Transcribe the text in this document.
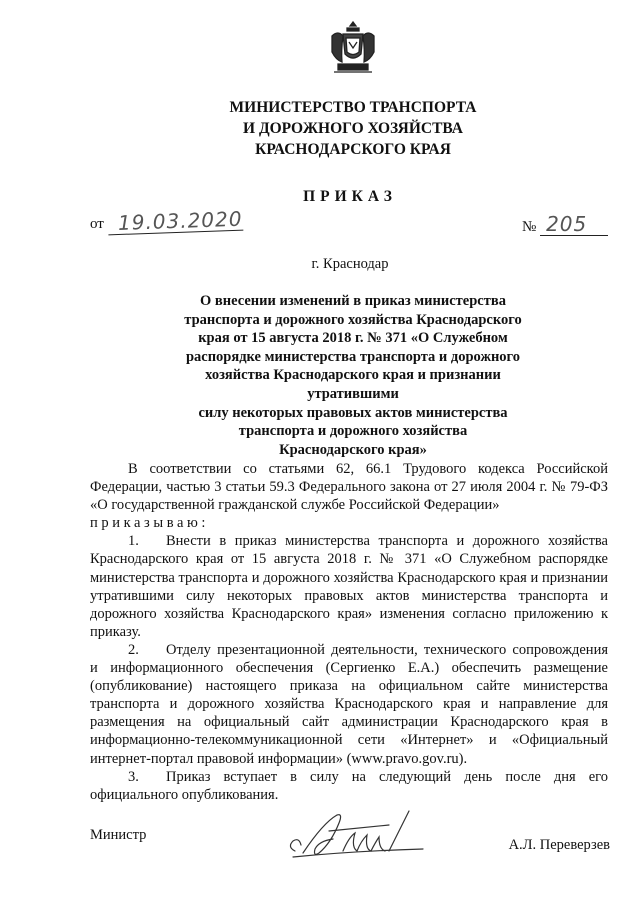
МИНИСТЕРСТВО ТРАНСПОРТА
И ДОРОЖНОГО ХОЗЯЙСТВА
КРАСНОДАРСКОГО КРАЯ
ПРИКАЗ
от 19.03.2020	№ 205
г. Краснодар
О внесении изменений в приказ министерства
транспорта и дорожного хозяйства Краснодарского
края от 15 августа 2018 г. № 371 «О Служебном
распорядке министерства транспорта и дорожного
хозяйства Краснодарского края и признании утратившими
силу некоторых правовых актов министерства
транспорта и дорожного хозяйства
Краснодарского края»

В соответствии со статьями 62, 66.1 Трудового кодекса Российской Федерации, частью 3 статьи 59.3 Федерального закона от 27 июля 2004 г. № 79-ФЗ «О государственной гражданской службе Российской Федерации»

приказываю:

1. Внести в приказ министерства транспорта и дорожного хозяйства Краснодарского края от 15 августа 2018 г. № 371 «О Служебном распорядке министерства транспорта и дорожного хозяйства Краснодарского края и признании утратившими силу некоторых правовых актов министерства транспорта и дорожного хозяйства Краснодарского края» изменения согласно приложению к приказу.

2. Отделу презентационной деятельности, технического сопровождения и информационного обеспечения (Сергиенко Е.А.) обеспечить размещение (опубликование) настоящего приказа на официальном сайте министерства транспорта и дорожного хозяйства Краснодарского края и направление для размещения на официальный сайт администрации Краснодарского края в информационно-телекоммуникационной сети «Интернет» и «Официальный интернет-портал правовой информации» (www.pravo.gov.ru).

3. Приказ вступает в силу на следующий день после дня его официального опубликования.

Министр
А.Л. Переверзев
